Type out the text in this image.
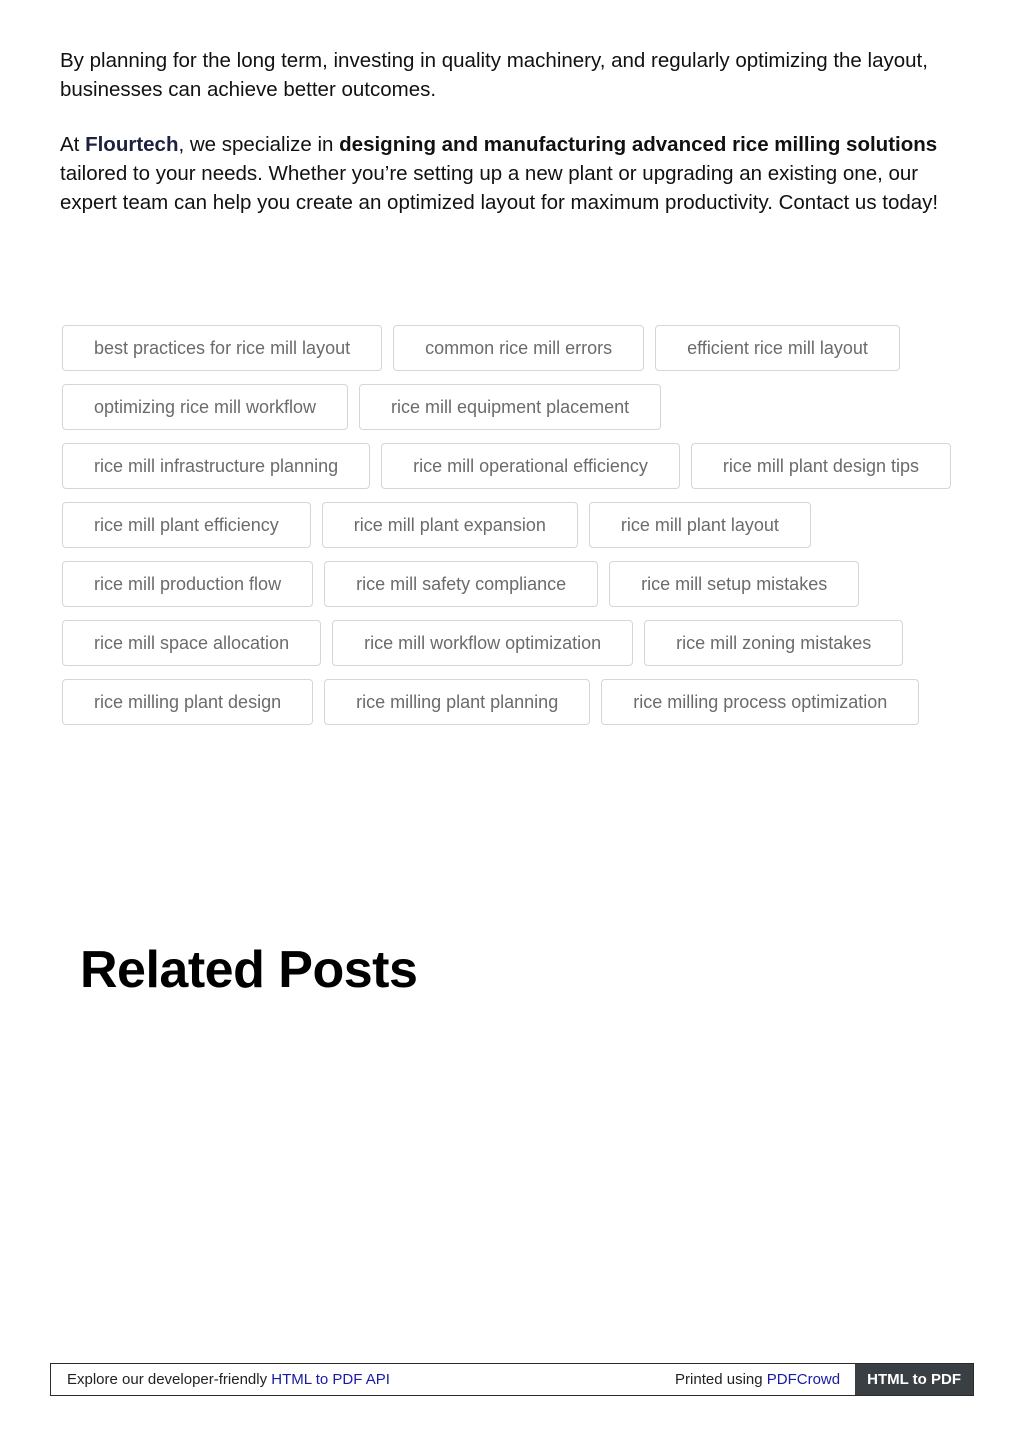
By planning for the long term, investing in quality machinery, and regularly optimizing the layout, businesses can achieve better outcomes.

At Flourtech, we specialize in designing and manufacturing advanced rice milling solutions tailored to your needs. Whether you’re setting up a new plant or upgrading an existing one, our expert team can help you create an optimized layout for maximum productivity. Contact us today!

best practices for rice mill layout	common rice mill errors	efficient rice mill layout
optimizing rice mill workflow	rice mill equipment placement
rice mill infrastructure planning	rice mill operational efficiency	rice mill plant design tips
rice mill plant efficiency	rice mill plant expansion	rice mill plant layout
rice mill production flow	rice mill safety compliance	rice mill setup mistakes
rice mill space allocation	rice mill workflow optimization	rice mill zoning mistakes
rice milling plant design	rice milling plant planning	rice milling process optimization
Related Posts
Explore our developer-friendly HTML to PDF API	Printed using PDFCrowd	HTML to PDF
